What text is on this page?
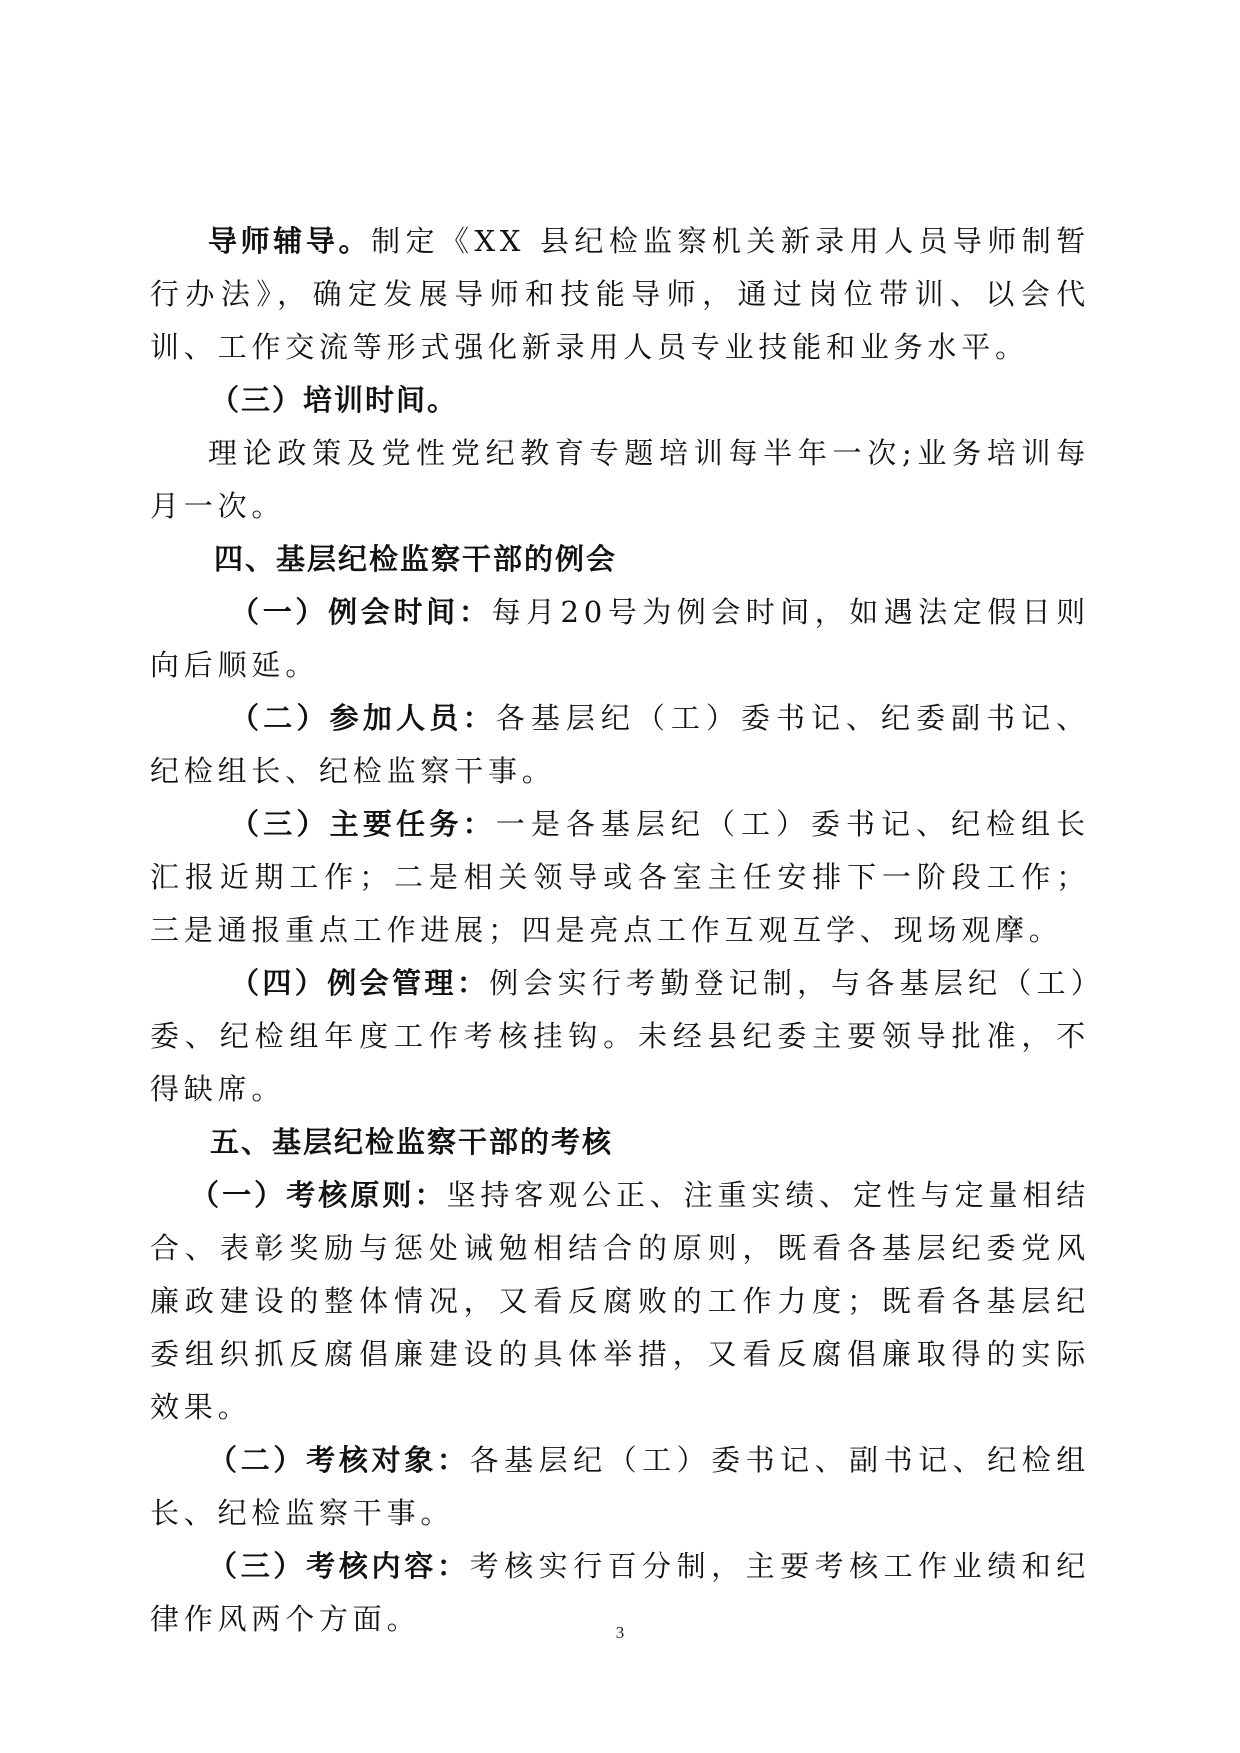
导师辅导。制定《XX 县纪检监察机关新录用人员导师制暂行办法》，确定发展导师和技能导师，通过岗位带训、以会代训、工作交流等形式强化新录用人员专业技能和业务水平。

（三）培训时间。

理论政策及党性党纪教育专题培训每半年一次;业务培训每月一次。

四、基层纪检监察干部的例会

（一）例会时间：每月20号为例会时间，如遇法定假日则向后顺延。

（二）参加人员：各基层纪（工）委书记、纪委副书记、纪检组长、纪检监察干事。

（三）主要任务：一是各基层纪（工）委书记、纪检组长汇报近期工作；二是相关领导或各室主任安排下一阶段工作；三是通报重点工作进展；四是亮点工作互观互学、现场观摩。

（四）例会管理：例会实行考勤登记制，与各基层纪（工）委、纪检组年度工作考核挂钩。未经县纪委主要领导批准，不得缺席。

五、基层纪检监察干部的考核

（一）考核原则：坚持客观公正、注重实绩、定性与定量相结合、表彰奖励与惩处诫勉相结合的原则，既看各基层纪委党风廉政建设的整体情况，又看反腐败的工作力度；既看各基层纪委组织抓反腐倡廉建设的具体举措，又看反腐倡廉取得的实际效果。

（二）考核对象：各基层纪（工）委书记、副书记、纪检组长、纪检监察干事。

（三）考核内容：考核实行百分制，主要考核工作业绩和纪律作风两个方面。	3
